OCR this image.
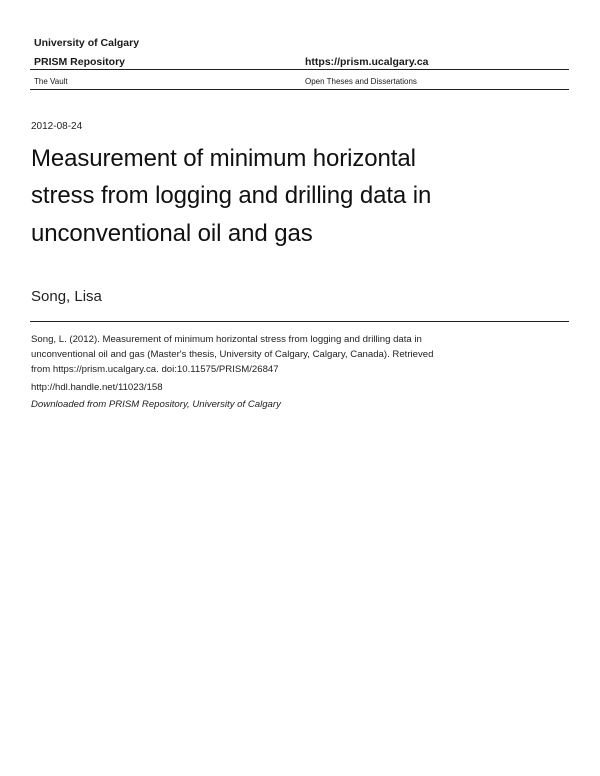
University of Calgary
PRISM Repository	https://prism.ucalgary.ca
The Vault	Open Theses and Dissertations
2012-08-24
Measurement of minimum horizontal
stress from logging and drilling data in
unconventional oil and gas
Song, Lisa
Song, L. (2012). Measurement of minimum horizontal stress from logging and drilling data in
unconventional oil and gas (Master's thesis, University of Calgary, Calgary, Canada). Retrieved
from https://prism.ucalgary.ca. doi:10.11575/PRISM/26847
http://hdl.handle.net/11023/158
Downloaded from PRISM Repository, University of Calgary
